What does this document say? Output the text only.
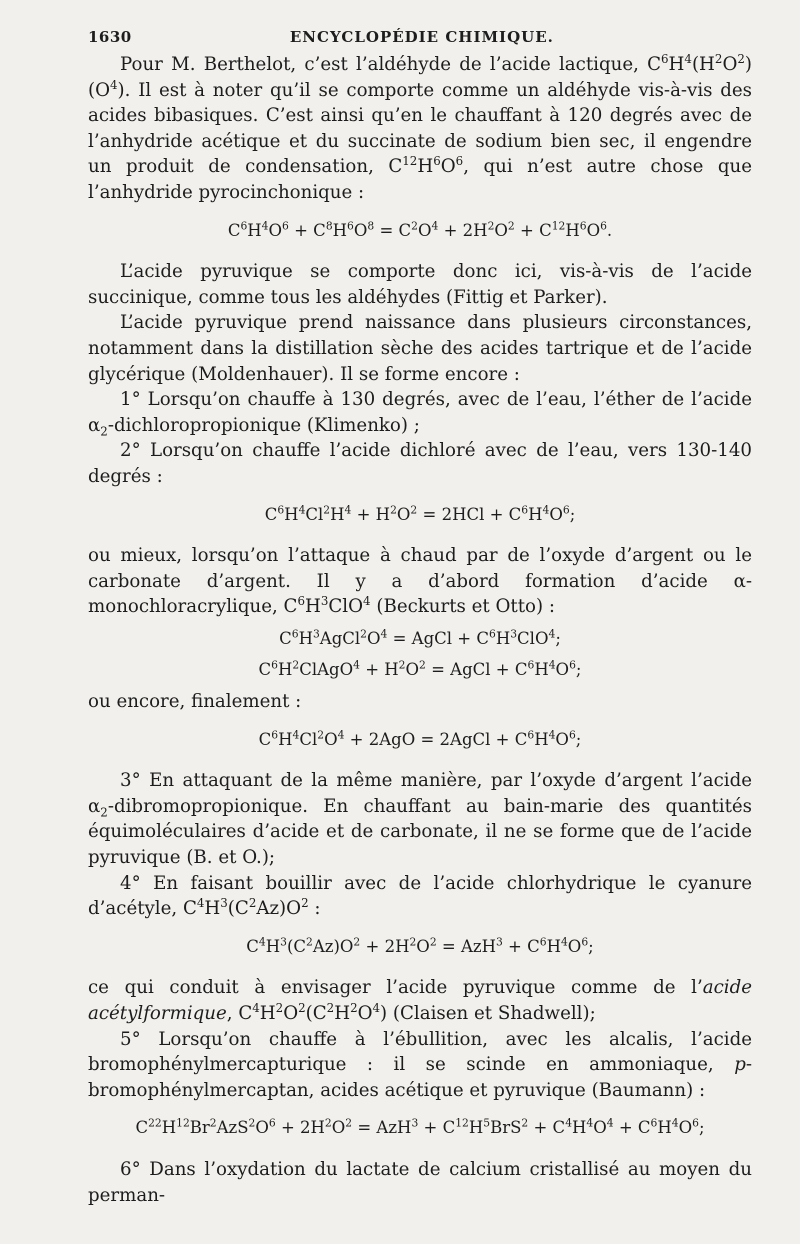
1630	ENCYCLOPÉDIE CHIMIQUE.

Pour M. Berthelot, c’est l’aldéhyde de l’acide lactique, $C^6H^4(H^2O^2)(O^4)$. Il est à noter qu’il se comporte comme un aldéhyde vis-à-vis des acides bibasiques. C’est ainsi qu’en le chauffant à 120 degrés avec de l’anhydride acétique et du succinate de sodium bien sec, il engendre un produit de condensation, $C^{12}H^6O^6$, qui n’est autre chose que l’anhydride pyrocinchonique :

$C^6H^4O^6 + C^8H^6O^8 = C^2O^4 + 2H^2O^2 + C^{12}H^6O^6$.

L’acide pyruvique se comporte donc ici, vis-à-vis de l’acide succinique, comme tous les aldéhydes (Fittig et Parker).

L’acide pyruvique prend naissance dans plusieurs circonstances, notamment dans la distillation sèche des acides tartrique et de l’acide glycérique (Moldenhauer). Il se forme encore :

1° Lorsqu’on chauffe à 130 degrés, avec de l’eau, l’éther de l’acide $\alpha_2$-dichloropropionique (Klimenko) ;

2° Lorsqu’on chauffe l’acide dichloré avec de l’eau, vers 130-140 degrés :

$C^6H^4Cl^2H^4 + H^2O^2 = 2HCl + C^6H^4O^6$;

ou mieux, lorsqu’on l’attaque à chaud par de l’oxyde d’argent ou le carbonate d’argent. Il y a d’abord formation d’acide α-monochloracrylique, $C^6H^3ClO^4$ (Beckurts et Otto) :

$C^6H^3AgCl^2O^4$ = AgCl + $C^6H^3ClO^4$;
$C^6H^2ClAgO^4 + H^2O^2$ = AgCl + $C^6H^4O^6$;

ou encore, finalement :

$C^6H^4Cl^2O^4 + 2AgO$ = 2AgCl + $C^6H^4O^6$;

3° En attaquant de la même manière, par l’oxyde d’argent l’acide $\alpha_2$-dibromopropionique. En chauffant au bain-marie des quantités équimoléculaires d’acide et de carbonate, il ne se forme que de l’acide pyruvique (B. et O.);

4° En faisant bouillir avec de l’acide chlorhydrique le cyanure d’acétyle, $C^4H^3(C^2Az)O^2$ :

$C^4H^3(C^2Az)O^2 + 2H^2O^2 = AzH^3 + C^6H^4O^6$;

ce qui conduit à envisager l’acide pyruvique comme de l’acide acétylformique, $C^4H^2O^2(C^2H^2O^4)$ (Claisen et Shadwell);

5° Lorsqu’on chauffe à l’ébullition, avec les alcalis, l’acide bromophénylmercapturique : il se scinde en ammoniaque, p-bromophénylmercaptan, acides acétique et pyruvique (Baumann) :

$C^{22}H^{12}Br^2AzS^2O^6 + 2H^2O^2 = AzH^3 + C^{12}H^5BrS^2 + C^4H^4O^4 + C^6H^4O^6$;

6° Dans l’oxydation du lactate de calcium cristallisé au moyen du perman-
